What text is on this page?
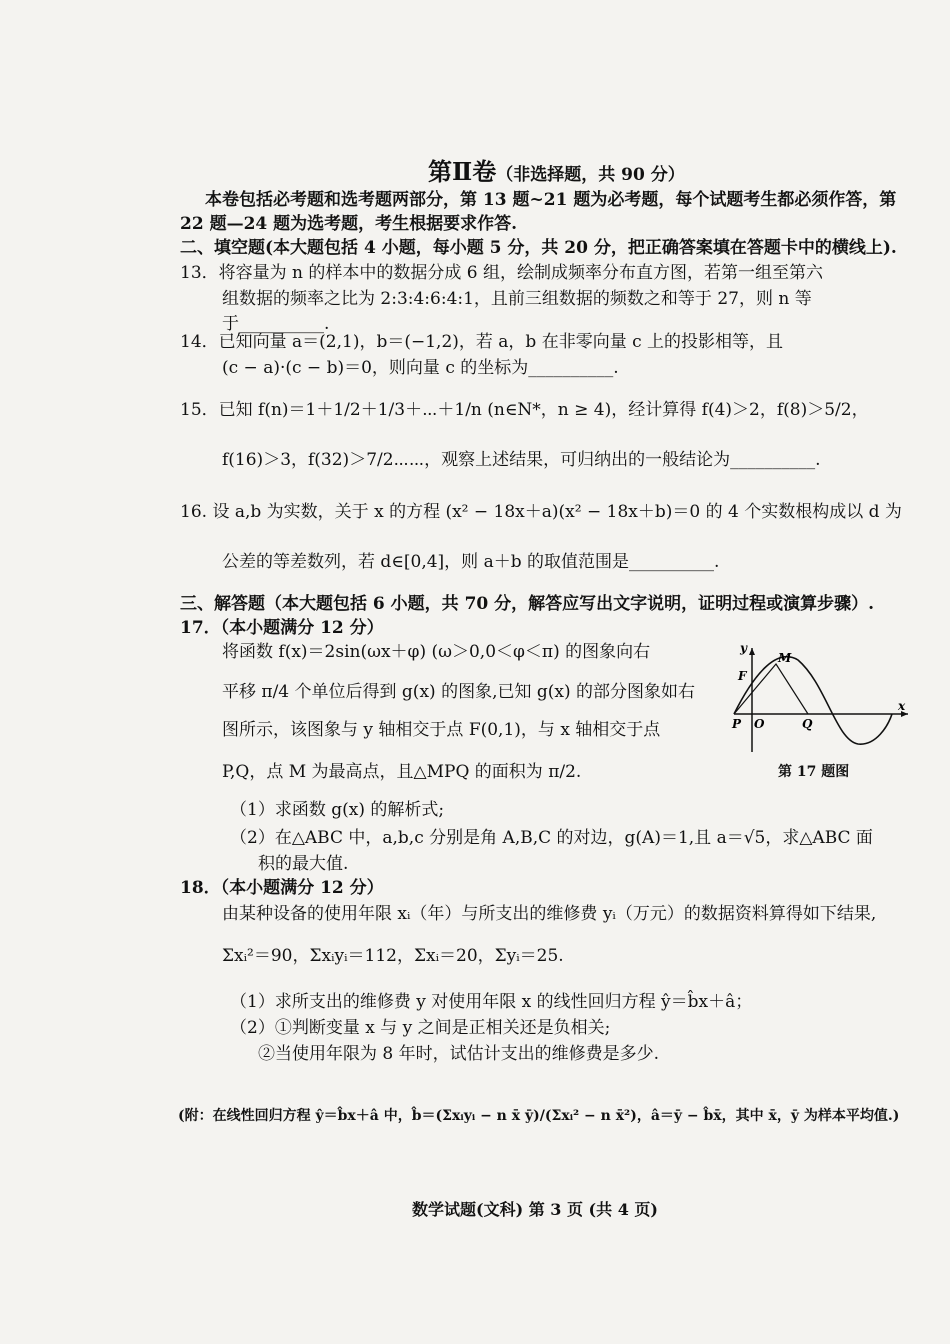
第Ⅱ卷（非选择题，共 90 分）
本卷包括必考题和选考题两部分，第 13 题~21 题为必考题，每个试题考生都必须作答，第
22 题—24 题为选考题，考生根据要求作答.
二、填空题(本大题包括 4 小题，每小题 5 分，共 20 分，把正确答案填在答题卡中的横线上).
13．将容量为 n 的样本中的数据分成 6 组，绘制成频率分布直方图，若第一组至第六
组数据的频率之比为 2:3:4:6:4:1，且前三组数据的频数之和等于 27，则 n 等
于__________.
14．已知向量 a＝(2,1)，b＝(−1,2)，若 a，b 在非零向量 c 上的投影相等，且
(c − a)·(c − b)＝0，则向量 c 的坐标为__________.
15．已知 f(n)＝1＋1/2＋1/3＋⋯＋1/n (n∈N*，n ≥ 4)，经计算得 f(4)＞2，f(8)＞5/2，
f(16)＞3，f(32)＞7/2⋯⋯，观察上述结果，可归纳出的一般结论为__________.
16. 设 a,b 为实数，关于 x 的方程 (x² − 18x＋a)(x² − 18x＋b)＝0 的 4 个实数根构成以 d 为
公差的等差数列，若 d∈[0,4]，则 a＋b 的取值范围是__________.
三、解答题（本大题包括 6 小题，共 70 分，解答应写出文字说明，证明过程或演算步骤）.
17．（本小题满分 12 分）
将函数 f(x)＝2sin(ωx＋φ) (ω＞0,0＜φ＜π) 的图象向右
平移 π/4 个单位后得到 g(x) 的图象,已知 g(x) 的部分图象如右
图所示，该图象与 y 轴相交于点 F(0,1)，与 x 轴相交于点
P,Q，点 M 为最高点，且△MPQ 的面积为 π/2.
y
x
M
F
P O	Q
第 17 题图
（1）求函数 g(x) 的解析式;
（2）在△ABC 中，a,b,c 分别是角 A,B,C 的对边，g(A)＝1,且 a＝√5，求△ABC 面
积的最大值.
18．（本小题满分 12 分）
由某种设备的使用年限 xᵢ（年）与所支出的维修费 yᵢ（万元）的数据资料算得如下结果,
Σxᵢ²＝90，Σxᵢyᵢ＝112，Σxᵢ＝20，Σyᵢ＝25.
（1）求所支出的维修费 y 对使用年限 x 的线性回归方程 ŷ＝b̂x＋â；
（2）①判断变量 x 与 y 之间是正相关还是负相关;
②当使用年限为 8 年时，试估计支出的维修费是多少.
(附：在线性回归方程 ŷ＝b̂x＋â 中，b̂＝(Σxᵢyᵢ − n x̄ ȳ)/(Σxᵢ² − n x̄²)，â＝ȳ − b̂x̄，其中 x̄，ȳ 为样本平均值.)
数学试题(文科) 第 3 页 (共 4 页)
